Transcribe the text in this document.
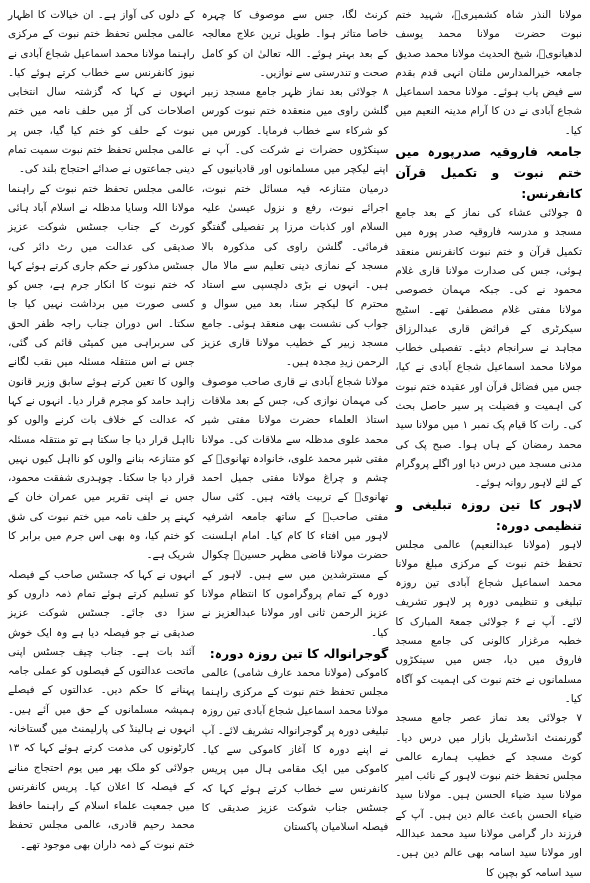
مولانا النذر شاہ کشمیریؒ، شہید ختم نبوت حضرت مولانا محمد یوسف لدھیانویؒ، شیخ الحدیث مولانا محمد صدیق جامعہ خیرالمدارس ملتان انہی قدم بقدم سے فیض یاب ہوئے۔ مولانا محمد اسماعیل شجاع آبادی نے دن کا آرام مدینہ النعیم میں کیا۔

جامعہ فاروقیہ صدرپورہ میں ختم نبوت و تکمیل قرآن کانفرنس:

۵ جولائی عشاء کی نماز کے بعد جامع مسجد و مدرسہ فاروقیہ صدر پورہ میں تکمیل قرآن و ختم نبوت کانفرنس منعقد ہوئی، جس کی صدارت مولانا قاری غلام محمود نے کی۔ جبکہ مہمان خصوصی مولانا مفتی غلام مصطفیٰ تھے۔ اسٹیج سیکرٹری کے فرائض قاری عبدالرزاق مجاہد نے سرانجام دیئے۔ تفصیلی خطاب مولانا محمد اسماعیل شجاع آبادی نے کیا، جس میں فضائل قرآن اور عقیدہ ختم نبوت کی اہمیت و فضیلت پر سیر حاصل بحث کی۔ رات کا قیام پک نمبر ۱ میں مولانا سید محمد رمضان کے ہاں ہوا۔ صبح پک کی مدنی مسجد میں درس دیا اور اگلے پروگرام کے لئے لاہور روانہ ہوئے۔

لاہور کا تین روزہ تبلیغی و تنظیمی دورہ:

لاہور (مولانا عبدالنعیم) عالمی مجلس تحفظ ختم نبوت کے مرکزی مبلغ مولانا محمد اسماعیل شجاع آبادی تین روزہ تبلیغی و تنظیمی دورہ پر لاہور تشریف لائے۔ آپ نے ۶ جولائی جمعۃ المبارک کا خطبہ مرغزار کالونی کی جامع مسجد فاروق میں دیا، جس میں سینکڑوں مسلمانوں نے ختم نبوت کی اہمیت کو آگاہ کیا۔

۷ جولائی بعد نماز عصر جامع مسجد گورنمنٹ انڈسٹریل بازار میں درس دیا۔ کوٹ مسجد کے خطیب ہمارے عالمی مجلس تحفظ ختم نبوت لاہور کے نائب امیر مولانا سید ضیاء الحسن ہیں۔ مولانا سید ضیاء الحسن باعث عالم دین ہیں۔ آپ کے فرزند دار گرامی مولانا سید محمد عبداللہ اور مولانا سید اسامہ بھی عالم دین ہیں۔ سید اسامہ کو بچپن کا

کرنٹ لگا، جس سے موصوف کا چہرہ خاصا متاثر ہوا۔ طویل ترین علاج معالجہ کے بعد بہتر ہوئے۔ اللہ تعالیٰ ان کو کامل صحت و تندرستی سے نوازیں۔

۸ جولائی بعد نماز ظہر جامع مسجد زبیر گلشن راوی میں منعقدہ ختم نبوت کورس کو شرکاء سے خطاب فرمایا۔ کورس میں سینکڑوں حضرات نے شرکت کی۔ آپ نے اپنے لیکچر میں مسلمانوں اور قادیانیوں کے درمیان متنازعہ فیہ مسائل ختم نبوت، اجرائے نبوت، رفع و نزول عیسیٰ علیہ السلام اور کذبات مرزا پر تفصیلی گفتگو فرمائی۔ گلشن راوی کی مذکورہ بالا مسجد کے نمازی دینی تعلیم سے مالا مال ہیں۔ انہوں نے بڑی دلچسپی سے استاد محترم کا لیکچر سنا، بعد میں سوال و جواب کی نشست بھی منعقد ہوئی۔ جامع مسجد زبیر کے خطیب مولانا قاری عزیز الرحمن زیدِ مجدہ ہیں۔

مولانا شجاع آبادی نے قاری صاحب موصوف کی مہمان نوازی کی، جس کے بعد ملاقات استاذ العلماء حضرت مولانا مفتی شیر محمد علوی مدظلہ سے ملاقات کی۔ مولانا مفتی شیر محمد علوی، خانوادہ تھانویؒ کے چشم و چراغ مولانا مفتی جمیل احمد تھانویؒ کے تربیت یافتہ ہیں۔ کئی سال مفتی صاحبؒ کے ساتھ جامعہ اشرفیہ لاہور میں افتاء کا کام کیا۔ امام اہلسنت حضرت مولانا قاضی مظہر حسینؒ چکوال کے مسترشدین میں سے ہیں۔ لاہور کے دورہ کے تمام پروگراموں کا انتظام مولانا عزیز الرحمن ثانی اور مولانا عبدالعزیز نے کیا۔

گوجرانوالہ کا تین روزہ دورہ:

کاموکی (مولانا محمد عارف شامی) عالمی مجلس تحفظ ختم نبوت کے مرکزی راہنما مولانا محمد اسماعیل شجاع آبادی تین روزہ تبلیغی دورہ پر گوجرانوالہ تشریف لائے۔ آپ نے اپنے دورہ کا آغاز کاموکی سے کیا۔ کاموکی میں ایک مقامی ہال میں پریس کانفرنس سے خطاب کرتے ہوئے کہا کہ جسٹس جناب شوکت عزیز صدیقی کا فیصلہ اسلامیان پاکستان

کے دلوں کی آواز ہے۔ ان خیالات کا اظہار عالمی مجلس تحفظ ختم نبوت کے مرکزی راہنما مولانا محمد اسماعیل شجاع آبادی نے نیوز کانفرنس سے خطاب کرتے ہوئے کیا۔ انہوں نے کہا کہ گزشتہ سال انتخابی اصلاحات کی آڑ میں حلف نامہ میں ختم نبوت کے حلف کو ختم کیا گیا، جس پر عالمی مجلس تحفظ ختم نبوت سمیت تمام دینی جماعتوں نے صدائے احتجاج بلند کی۔

عالمی مجلس تحفظ ختم نبوت کے راہنما مولانا اللہ وسایا مدظلہ نے اسلام آباد ہائی کورٹ کے جناب جسٹس شوکت عزیز صدیقی کی عدالت میں رٹ دائر کی، جسٹس مذکور نے حکم جاری کرتے ہوئے کہا کہ ختم نبوت کا انکار جرم ہے، جس کو کسی صورت میں برداشت نہیں کیا جا سکتا۔ اس دوران جناب راجہ ظفر الحق کی سربراہی میں کمیٹی قائم کی گئی، جس نے اس منتقلہ مسئلہ میں نقب لگانے والوں کا تعین کرتے ہوئے سابق وزیر قانون زاہد حامد کو مجرم قرار دیا۔ انہوں نے کہا کہ عدالت کے خلاف بات کرنے والوں کو نااہل قرار دیا جا سکتا ہے تو منتقلہ مسئلہ کو متنازعہ بنانے والوں کو نااہل کیوں نہیں قرار دیا جا سکتا۔ چوہدری شفقت محمود، جس نے اپنی تقریر میں عمران خان کے کہنے پر حلف نامہ میں ختم نبوت کی شق کو ختم کیا، وہ بھی اس جرم میں برابر کا شریک ہے۔

انہوں نے کہا کہ جسٹس صاحب کے فیصلہ کو تسلیم کرتے ہوئے تمام ذمہ داروں کو سزا دی جائے۔ جسٹس شوکت عزیز صدیقی نے جو فیصلہ دیا ہے وہ ایک خوش آئند بات ہے۔ جناب چیف جسٹس اپنی ماتحت عدالتوں کے فیصلوں کو عملی جامہ پہنانے کا حکم دیں۔ عدالتوں کے فیصلے ہمیشہ مسلمانوں کے حق میں آئے ہیں۔ انہوں نے ہالینڈ کی پارلیمنٹ میں گستاخانہ کارٹونوں کی مذمت کرتے ہوئے کہا کہ ۱۳ جولائی کو ملک بھر میں یوم احتجاج منانے کے فیصلہ کا اعلان کیا۔ پریس کانفرنس میں جمعیت علماء اسلام کے راہنما حافظ محمد رحیم قادری، عالمی مجلس تحفظ ختم نبوت کے ذمہ داران بھی موجود تھے۔
